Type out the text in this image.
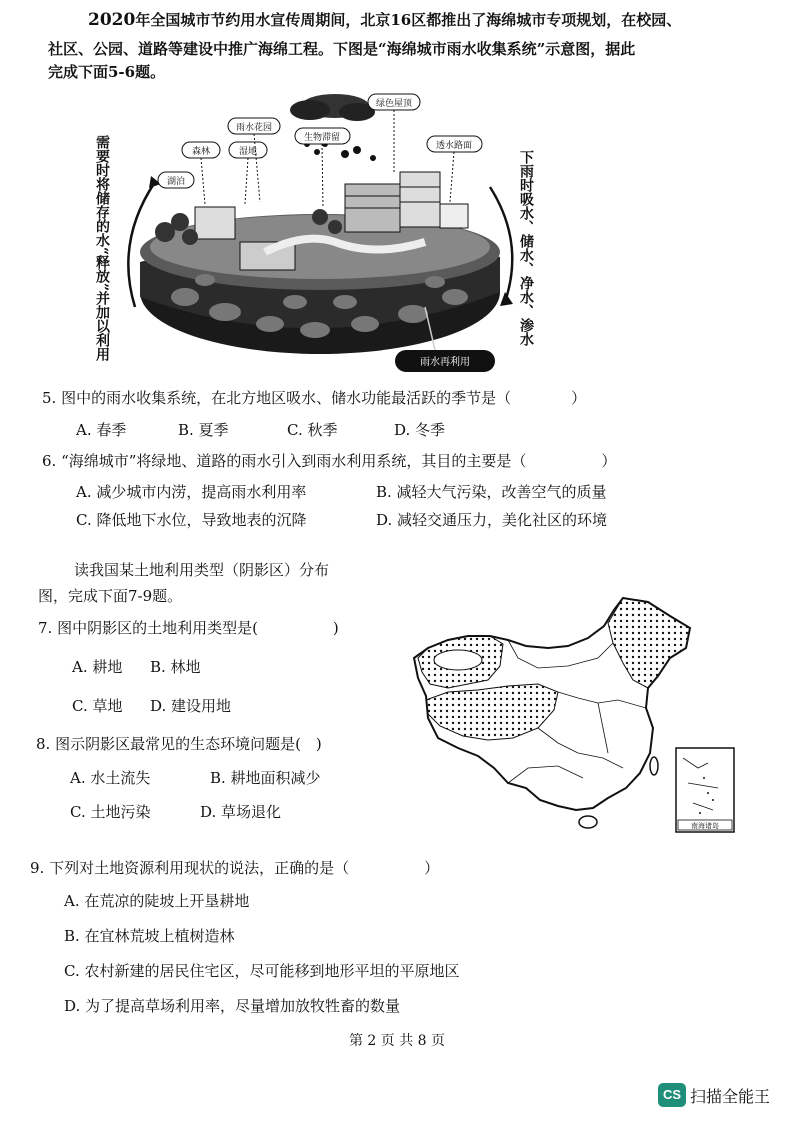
2020年全国城市节约用水宣传周期间，北京16区都推出了海绵城市专项规划，在校园、
社区、公园、道路等建设中推广海绵工程。下图是“海绵城市雨水收集系统”示意图，据此
完成下面5-6题。
绿色屋顶
雨水花园
生物滞留
透水路面
森林	湿地
湖泊
雨水再利用
需要时将储存的水“释放”并加以利用	下雨时吸水、储水、净水、渗水
5. 图中的雨水收集系统，在北方地区吸水、储水功能最活跃的季节是（　　　　）
A. 春季	B. 夏季	C. 秋季	D. 冬季
6. “海绵城市”将绿地、道路的雨水引入到雨水利用系统，其目的主要是（　　　　　）
A. 减少城市内涝，提高雨水利用率	B. 减轻大气污染，改善空气的质量
C. 降低地下水位，导致地表的沉降	D. 减轻交通压力，美化社区的环境
读我国某土地利用类型（阴影区）分布
图，完成下面7-9题。
7. 图中阴影区的土地利用类型是(　　　　　)
A. 耕地 B. 林地
C. 草地 D. 建设用地
8. 图示阴影区最常见的生态环境问题是(　)
A. 水土流失	B. 耕地面积减少
C. 土地污染	D. 草场退化
南海诸岛
9. 下列对土地资源利用现状的说法，正确的是（　　　　　）
A. 在荒凉的陡坡上开垦耕地
B. 在宜林荒坡上植树造林
C. 农村新建的居民住宅区，尽可能移到地形平坦的平原地区
D. 为了提高草场利用率，尽量增加放牧牲畜的数量
第 2 页 共 8 页
CS 扫描全能王
